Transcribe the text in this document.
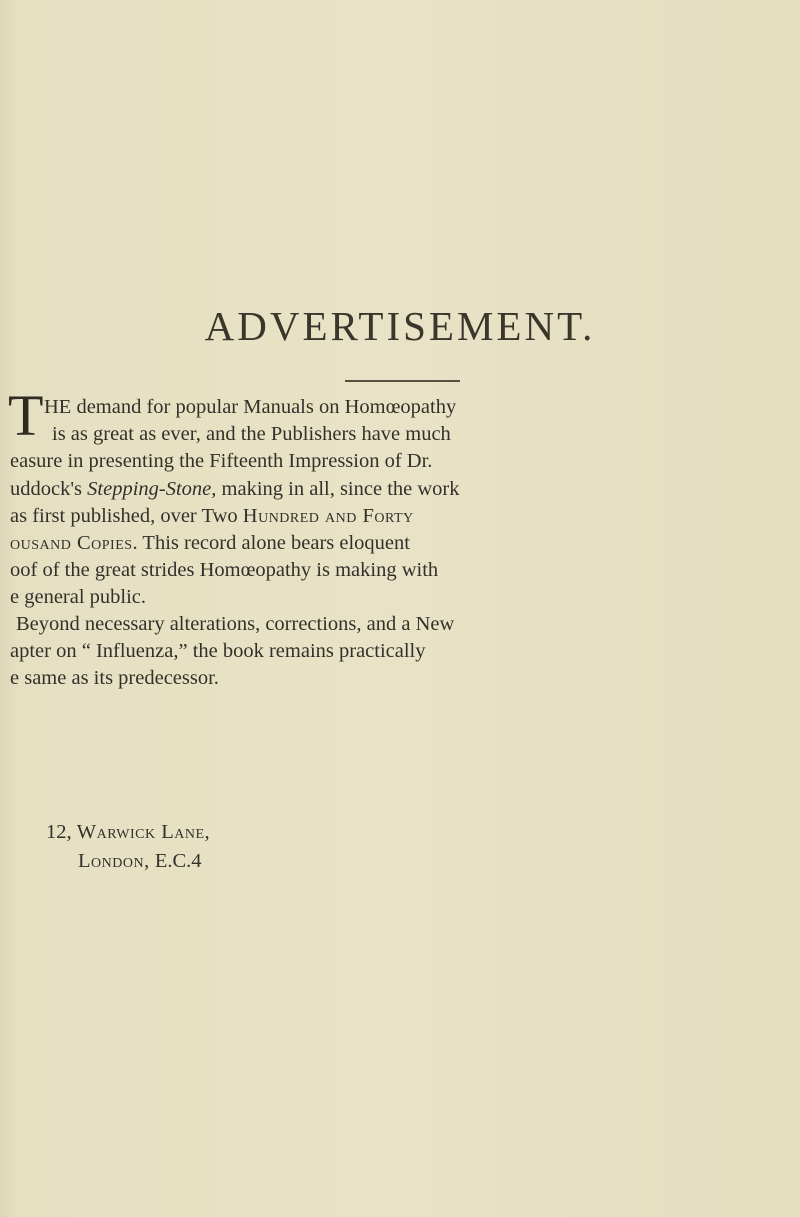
ADVERTISEMENT.
T HE demand for popular Manuals on Homœopathy
is as great as ever, and the Publishers have much
easure in presenting the Fifteenth Impression of Dr.
uddock's Stepping-Stone, making in all, since the work
as first published, over Two Hundred and Forty
ousand Copies. This record alone bears eloquent
oof of the great strides Homœopathy is making with
e general public.
Beyond necessary alterations, corrections, and a New
apter on “ Influenza,” the book remains practically
e same as its predecessor.
12, Warwick Lane,
London, E.C.4
